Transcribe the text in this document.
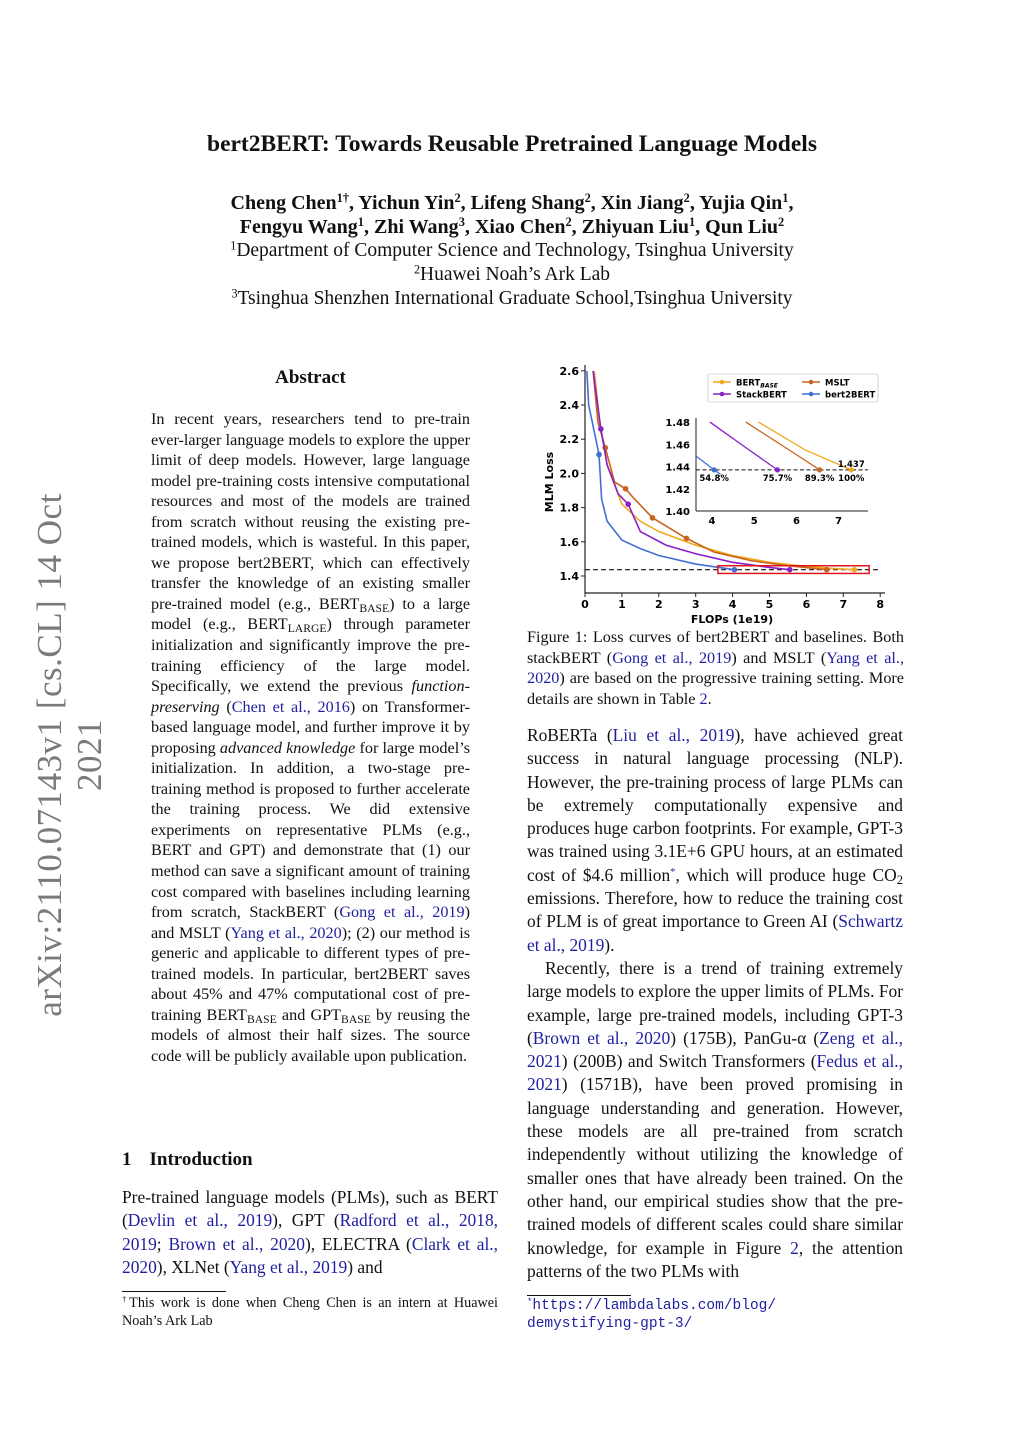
arXiv:2110.07143v1 [cs.CL] 14 Oct 2021
bert2BERT: Towards Reusable Pretrained Language Models
Cheng Chen$^{1\dagger}$, Yichun Yin$^2$, Lifeng Shang$^2$, Xin Jiang$^2$, Yujia Qin$^1$,
Fengyu Wang$^1$, Zhi Wang$^3$, Xiao Chen$^2$, Zhiyuan Liu$^1$, Qun Liu$^2$
$^1$Department of Computer Science and Technology, Tsinghua University
$^2$Huawei Noah’s Ark Lab
$^3$Tsinghua Shenzhen International Graduate School,Tsinghua University
Abstract
In recent years, researchers tend to pre-train ever-larger language models to explore the upper limit of deep models. However, large language model pre-training costs intensive computational resources and most of the models are trained from scratch without reusing the existing pre-trained models, which is wasteful. In this paper, we propose bert2BERT, which can effectively transfer the knowledge of an existing smaller pre-trained model (e.g., $BERT_{BASE}$) to a large model (e.g., $BERT_{LARGE}$) through parameter initialization and significantly improve the pre-training efficiency of the large model. Specifically, we extend the previous function-preserving (Chen et al., 2016) on Transformer-based language model, and further improve it by proposing advanced knowledge for large model’s initialization. In addition, a two-stage pre-training method is proposed to further accelerate the training process. We did extensive experiments on representative PLMs (e.g., BERT and GPT) and demonstrate that (1) our method can save a significant amount of training cost compared with baselines including learning from scratch, StackBERT (Gong et al., 2019) and MSLT (Yang et al., 2020); (2) our method is generic and applicable to different types of pre-trained models. In particular, bert2BERT saves about 45% and 47% computational cost of pre-training $BERT_{BASE}$ and $GPT_{BASE}$ by reusing the models of almost their half sizes. The source code will be publicly available upon publication.
1 Introduction
Pre-trained language models (PLMs), such as BERT (Devlin et al., 2019), GPT (Radford et al., 2018, 2019; Brown et al., 2020), ELECTRA (Clark et al., 2020), XLNet (Yang et al., 2019) and
†This work is done when Cheng Chen is an intern at Huawei Noah’s Ark Lab
0	1	2	3	4	5	6	7	8
1.4
1.6
1.8
2.0
2.2
2.4
2.6
FLOPs (1e19)
MLM Loss
$BERT_{BASE}$	MSLT
StackBERT	bert2BERT
1.40
1.42
1.44
1.46
1.48
4	5	6	7
54.8%	75.7% 89.3% 100%
1.437
Figure 1: Loss curves of bert2BERT and baselines. Both stackBERT (Gong et al., 2019) and MSLT (Yang et al., 2020) are based on the progressive training setting. More details are shown in Table 2.

RoBERTa (Liu et al., 2019), have achieved great success in natural language processing (NLP). However, the pre-training process of large PLMs can be extremely computationally expensive and produces huge carbon footprints. For example, GPT-3 was trained using 3.1E+6 GPU hours, at an estimated cost of $4.6 million*, which will produce huge $CO_2$ emissions. Therefore, how to reduce the training cost of PLM is of great importance to Green AI (Schwartz et al., 2019).

Recently, there is a trend of training extremely large models to explore the upper limits of PLMs. For example, large pre-trained models, including GPT-3 (Brown et al., 2020) (175B), PanGu-α (Zeng et al., 2021) (200B) and Switch Transformers (Fedus et al., 2021) (1571B), have been proved promising in language understanding and generation. However, these models are all pre-trained from scratch independently without utilizing the knowledge of smaller ones that have already been trained. On the other hand, our empirical studies show that the pre-trained models of different scales could share similar knowledge, for example in Figure 2, the attention patterns of the two PLMs with

*https://lambdalabs.com/blog/ demystifying-gpt-3/
